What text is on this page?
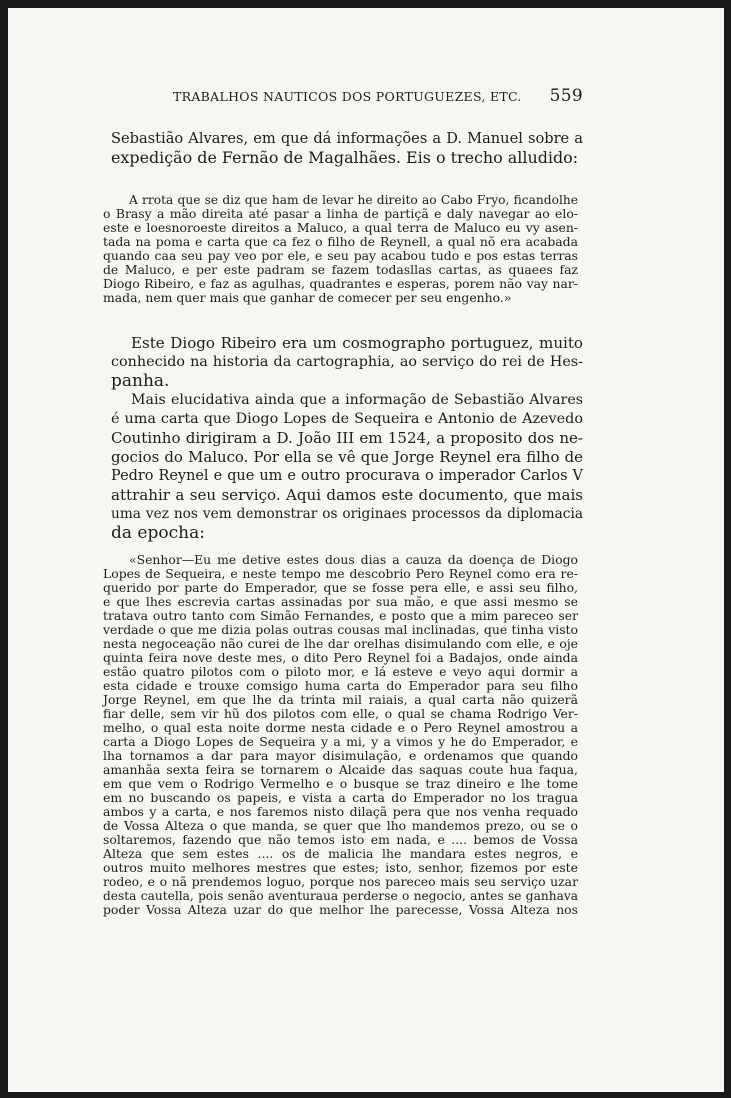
TRABALHOS NAUTICOS DOS PORTUGUEZES, ETC. 559
Sebastião Alvares, em que dá informações a D. Manuel sobre a
expedição de Fernão de Magalhães. Eis o trecho alludido:
A rrota que se diz que ham de levar he direito ao Cabo Fryo, ficandolhe
o Brasy a mão direita até pasar a linha de partiçã e daly navegar ao elo-
este e loesnoroeste direitos a Maluco, a qual terra de Maluco eu vy asen-
tada na poma e carta que ca fez o filho de Reynell, a qual nõ era acabada
quando caa seu pay veo por ele, e seu pay acabou tudo e pos estas terras
de Maluco, e per este padram se fazem todasllas cartas, as quaees faz
Diogo Ribeiro, e faz as agulhas, quadrantes e esperas, porem não vay nar-
mada, nem quer mais que ganhar de comecer per seu engenho.»
Este Diogo Ribeiro era um cosmographo portuguez, muito
conhecido na historia da cartographia, ao serviço do rei de Hes-
panha.
Mais elucidativa ainda que a informação de Sebastião Alvares
é uma carta que Diogo Lopes de Sequeira e Antonio de Azevedo
Coutinho dirigiram a D. João III em 1524, a proposito dos ne-
gocios do Maluco. Por ella se vê que Jorge Reynel era filho de
Pedro Reynel e que um e outro procurava o imperador Carlos V
attrahir a seu serviço. Aqui damos este documento, que mais
uma vez nos vem demonstrar os originaes processos da diplomacia
da epocha:
«Senhor—Eu me detive estes dous dias a cauza da doença de Diogo
Lopes de Sequeira, e neste tempo me descobrio Pero Reynel como era re-
querido por parte do Emperador, que se fosse pera elle, e assi seu filho,
e que lhes escrevia cartas assinadas por sua mão, e que assi mesmo se
tratava outro tanto com Simão Fernandes, e posto que a mim pareceo ser
verdade o que me dizia polas outras cousas mal inclinadas, que tinha visto
nesta negoceação não curei de lhe dar orelhas disimulando com elle, e oje
quinta feira nove deste mes, o dito Pero Reynel foi a Badajos, onde ainda
estão quatro pilotos com o piloto mor, e lá esteve e veyo aqui dormir a
esta cidade e trouxe comsigo huma carta do Emperador para seu filho
Jorge Reynel, em que lhe da trinta mil raiais, a qual carta não quizerã
fiar delle, sem vir hũ dos pilotos com elle, o qual se chama Rodrigo Ver-
melho, o qual esta noite dorme nesta cidade e o Pero Reynel amostrou a
carta a Diogo Lopes de Sequeira y a mi, y a vimos y he do Emperador, e
lha tornamos a dar para mayor disimulação, e ordenamos que quando
amanhãa sexta feira se tornarem o Alcaide das saquas coute hua faqua,
em que vem o Rodrigo Vermelho e o busque se traz dineiro e lhe tome
em no buscando os papeis, e vista a carta do Emperador no los tragua
ambos y a carta, e nos faremos nisto dilaçã pera que nos venha requado
de Vossa Alteza o que manda, se quer que lho mandemos prezo, ou se o
soltaremos, fazendo que não temos isto em nada, e .... bemos de Vossa
Alteza que sem estes .... os de malicia lhe mandara estes negros, e
outros muito melhores mestres que estes; isto, senhor, fizemos por este
rodeo, e o nã prendemos loguo, porque nos pareceo mais seu serviço uzar
desta cautella, pois senão aventuraua perderse o negocio, antes se ganhava
poder Vossa Alteza uzar do que melhor lhe parecesse, Vossa Alteza nos
